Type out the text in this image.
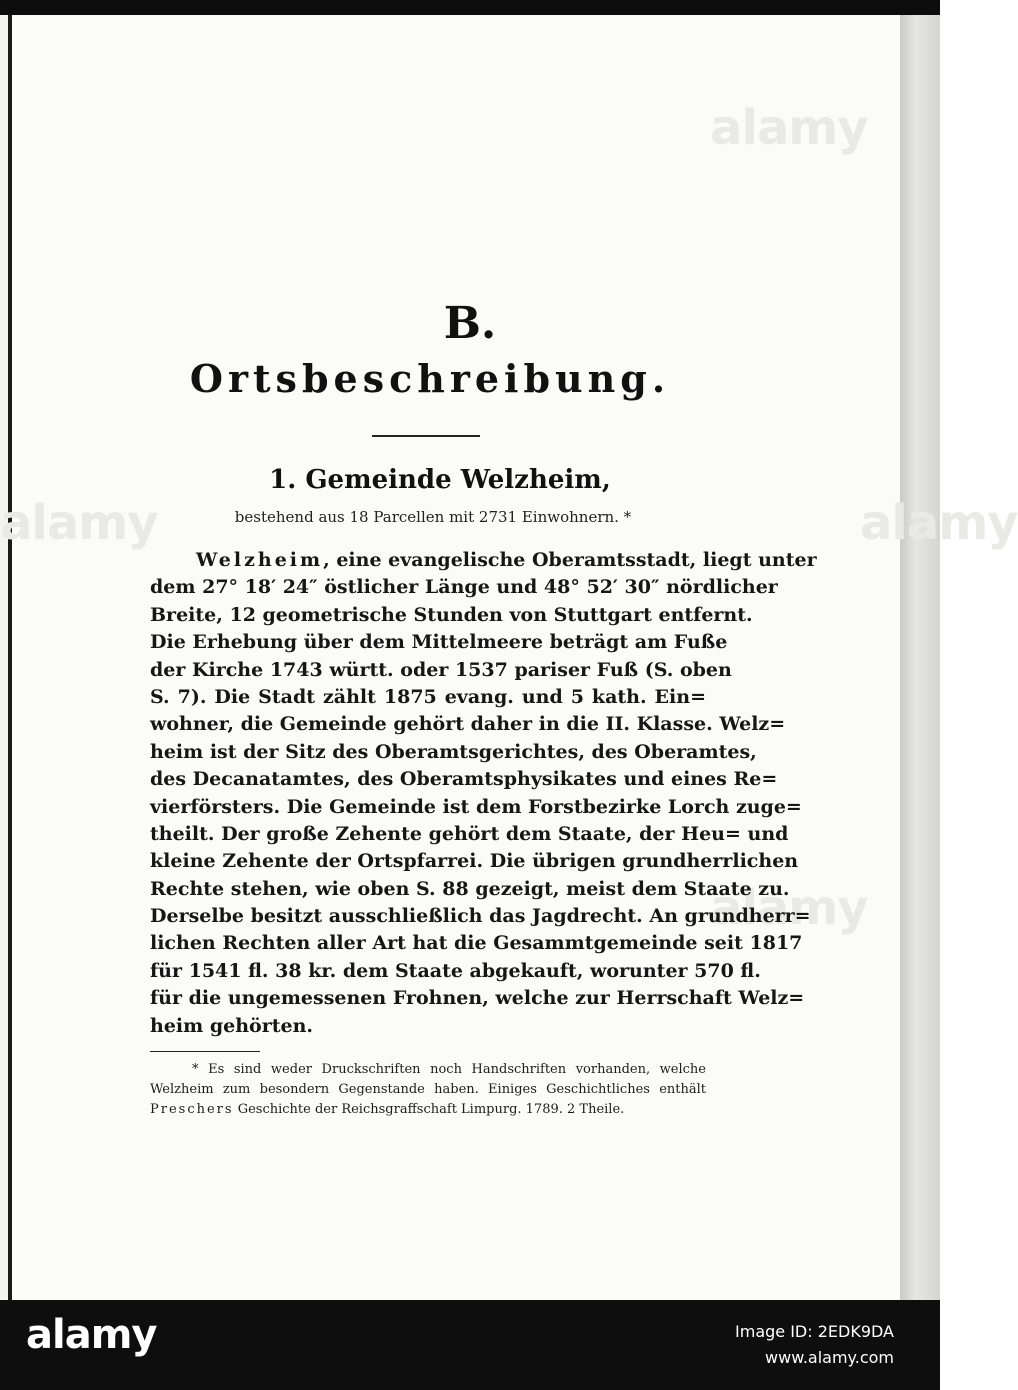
alamy
alamy
alamy
alamy
B.
Ortsbeschreibung.
1. Gemeinde Welzheim,
bestehend aus 18 Parcellen mit 2731 Einwohnern. *
Welzheim, eine evangelische Oberamtsstadt, liegt unter
dem 27° 18′ 24″ östlicher Länge und 48° 52′ 30″ nördlicher
Breite, 12 geometrische Stunden von Stuttgart entfernt.
Die Erhebung über dem Mittelmeere beträgt am Fuße
der Kirche 1743 württ. oder 1537 pariser Fuß (S. oben
S. 7). Die Stadt zählt 1875 evang. und 5 kath. Ein=
wohner, die Gemeinde gehört daher in die II. Klasse. Welz=
heim ist der Sitz des Oberamtsgerichtes, des Oberamtes,
des Decanatamtes, des Oberamtsphysikates und eines Re=
vierförsters. Die Gemeinde ist dem Forstbezirke Lorch zuge=
theilt. Der große Zehente gehört dem Staate, der Heu= und
kleine Zehente der Ortspfarrei. Die übrigen grundherrlichen
Rechte stehen, wie oben S. 88 gezeigt, meist dem Staate zu.
Derselbe besitzt ausschließlich das Jagdrecht. An grundherr=
lichen Rechten aller Art hat die Gesammtgemeinde seit 1817
für 1541 fl. 38 kr. dem Staate abgekauft, worunter 570 fl.
für die ungemessenen Frohnen, welche zur Herrschaft Welz=
heim gehörten.
* Es sind weder Druckschriften noch Handschriften vorhanden, welche
Welzheim zum besondern Gegenstande haben. Einiges Geschichtliches enthält
Preschers Geschichte der Reichsgraffschaft Limpurg. 1789. 2 Theile.
alamy	Image ID: 2EDK9DA
www.alamy.com
